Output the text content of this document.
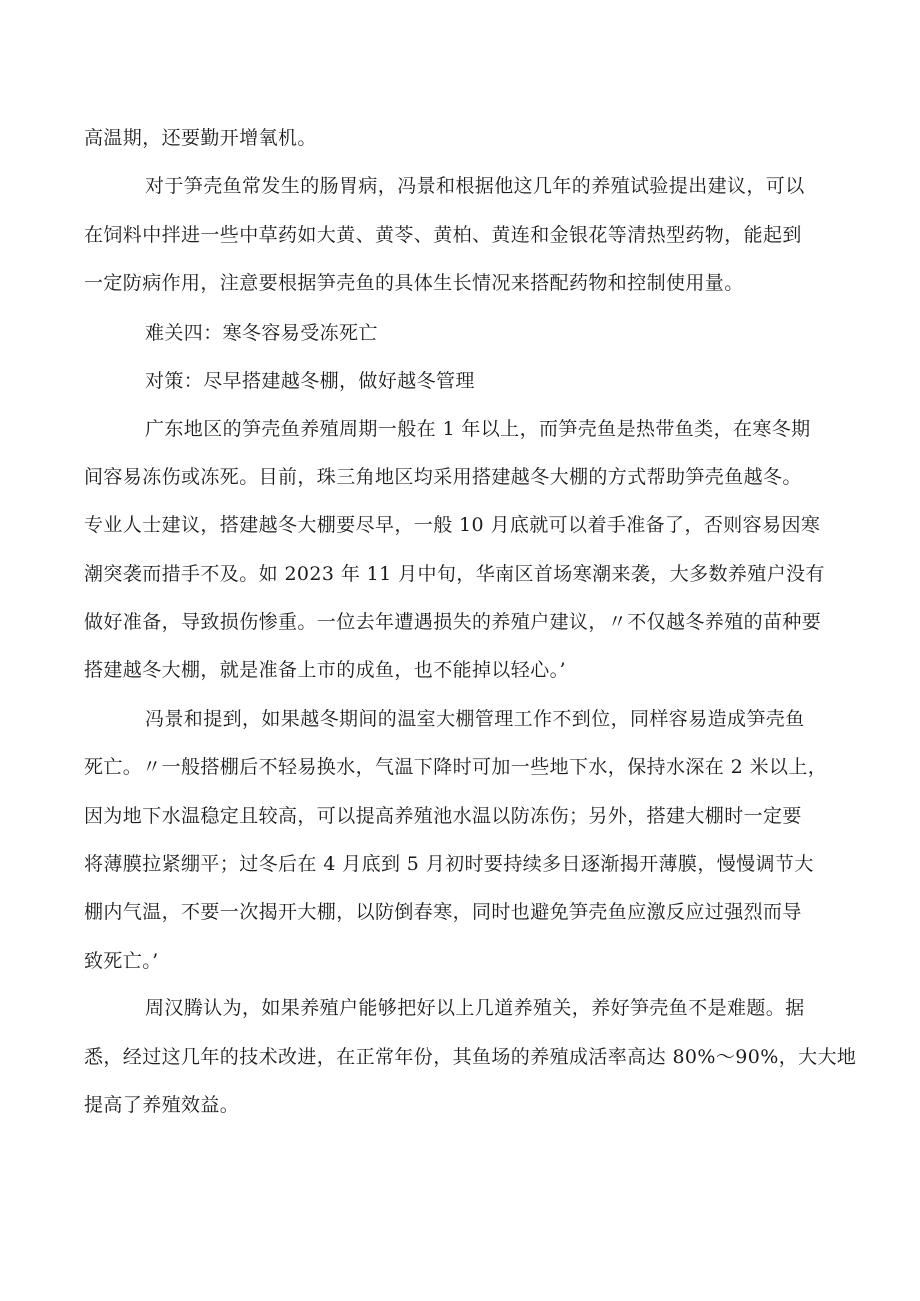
高温期，还要勤开增氧机。
对于笋壳鱼常发生的肠胃病，冯景和根据他这几年的养殖试验提出建议，可以
在饲料中拌进一些中草药如大黄、黄苓、黄柏、黄连和金银花等清热型药物，能起到
一定防病作用，注意要根据笋壳鱼的具体生长情况来搭配药物和控制使用量。
难关四：寒冬容易受冻死亡
对策：尽早搭建越冬棚，做好越冬管理
广东地区的笋壳鱼养殖周期一般在 1 年以上，而笋壳鱼是热带鱼类，在寒冬期
间容易冻伤或冻死。目前，珠三角地区均采用搭建越冬大棚的方式帮助笋壳鱼越冬。
专业人士建议，搭建越冬大棚要尽早，一般 10 月底就可以着手准备了，否则容易因寒
潮突袭而措手不及。如 2023 年 11 月中旬，华南区首场寒潮来袭，大多数养殖户没有
做好准备，导致损伤惨重。一位去年遭遇损失的养殖户建议，〃不仅越冬养殖的苗种要
搭建越冬大棚，就是准备上市的成鱼，也不能掉以轻心。’
冯景和提到，如果越冬期间的温室大棚管理工作不到位，同样容易造成笋壳鱼
死亡。〃一般搭棚后不轻易换水，气温下降时可加一些地下水，保持水深在 2 米以上，
因为地下水温稳定且较高，可以提高养殖池水温以防冻伤；另外，搭建大棚时一定要
将薄膜拉紧绷平；过冬后在 4 月底到 5 月初时要持续多日逐渐揭开薄膜，慢慢调节大
棚内气温，不要一次揭开大棚，以防倒春寒，同时也避免笋壳鱼应激反应过强烈而导
致死亡。’
周汉腾认为，如果养殖户能够把好以上几道养殖关，养好笋壳鱼不是难题。据
悉，经过这几年的技术改进，在正常年份，其鱼场的养殖成活率高达 80%～90%，大大地
提高了养殖效益。
